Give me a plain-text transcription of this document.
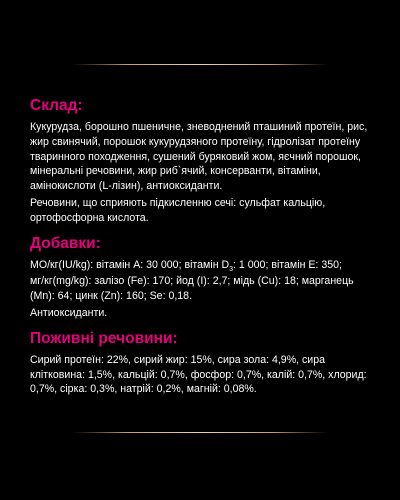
Склад:

Кукурудза, борошно пшеничне, зневоднений пташиний протеїн, рис, жир свинячий, порошок кукурудзяного протеїну, гідролізат протеїну тваринного походження, сушений буряковий жом, яєчний порошок, мінеральні речовини, жир риб`ячий, консерванти, вітаміни, амінокислоти (L-лізин), антиоксиданти.

Речовини, що сприяють підкисленню сечі: сульфат кальцію, ортофосфорна кислота.

Добавки:

МО/кг(IU/kg): вітамін А: 30 000; вітамін $D_3$: 1 000; вітамін Е: 350;

мг/кг(mg/kg): залізо (Fe): 170; йод (I): 2,7; мідь (Cu): 18; марганець (Mn): 64; цинк (Zn): 160; Se: 0,18.

Антиоксиданти.

Поживні речовини:

Сирий протеїн: 22%, сирий жир: 15%, сира зола: 4,9%, сира клітковина: 1,5%, кальцій: 0,7%, фосфор: 0,7%, калій: 0,7%, хлорид: 0,7%, сірка: 0,3%, натрій: 0,2%, магній: 0,08%.
